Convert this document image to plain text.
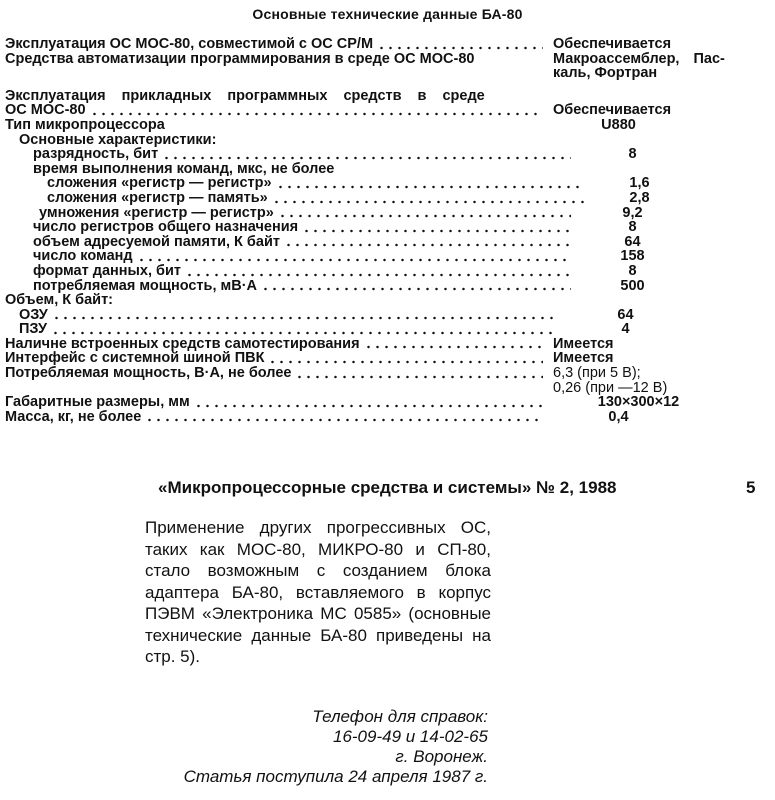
Основные технические данные БА-80
Эксплуатация ОС МОС-80, совместимой с ОС CP/M	Обеспечивается
Средства автоматизации программирования в среде ОС МОС-80	Макроассемблер, Пас-
каль, Фортран
Эксплуатация прикладных программных средств в среде
ОС МОС-80	Обеспечивается
Тип микропроцессора	U880
Основные характеристики:
разрядность, бит	8
время выполнения команд, мкс, не более
сложения «регистр — регистр»	1,6
сложения «регистр — память»	2,8
умножения «регистр — регистр»	9,2
число регистров общего назначения	8
объем адресуемой памяти, К байт	64
число команд	158
формат данных, бит	8
потребляемая мощность, мВ·А	500
Объем, К байт:
ОЗУ	64
ПЗУ	4
Наличне встроенных средств самотестирования	Имеется
Интерфейс с системной шиной ПВК	Имеется
Потребляемая мощность, В·А, не более	6,3 (при 5 В);
0,26 (при —12 В)
Габаритные размеры, мм	130×300×12
Масса, кг, не более	0,4
«Микропроцессорные средства и системы» № 2, 1988	5
Применение других прогрессивных ОС, таких как МОС-80, МИКРО-80 и СП-80, стало возможным с созданием блока адаптера БА-80, вставляемого в корпус ПЭВМ «Электроника МС 0585» (основные технические данные БА-80 приведены на стр. 5).
Телефон для справок:
16-09-49 и 14-02-65
г. Воронеж.
Статья поступила 24 апреля 1987 г.
